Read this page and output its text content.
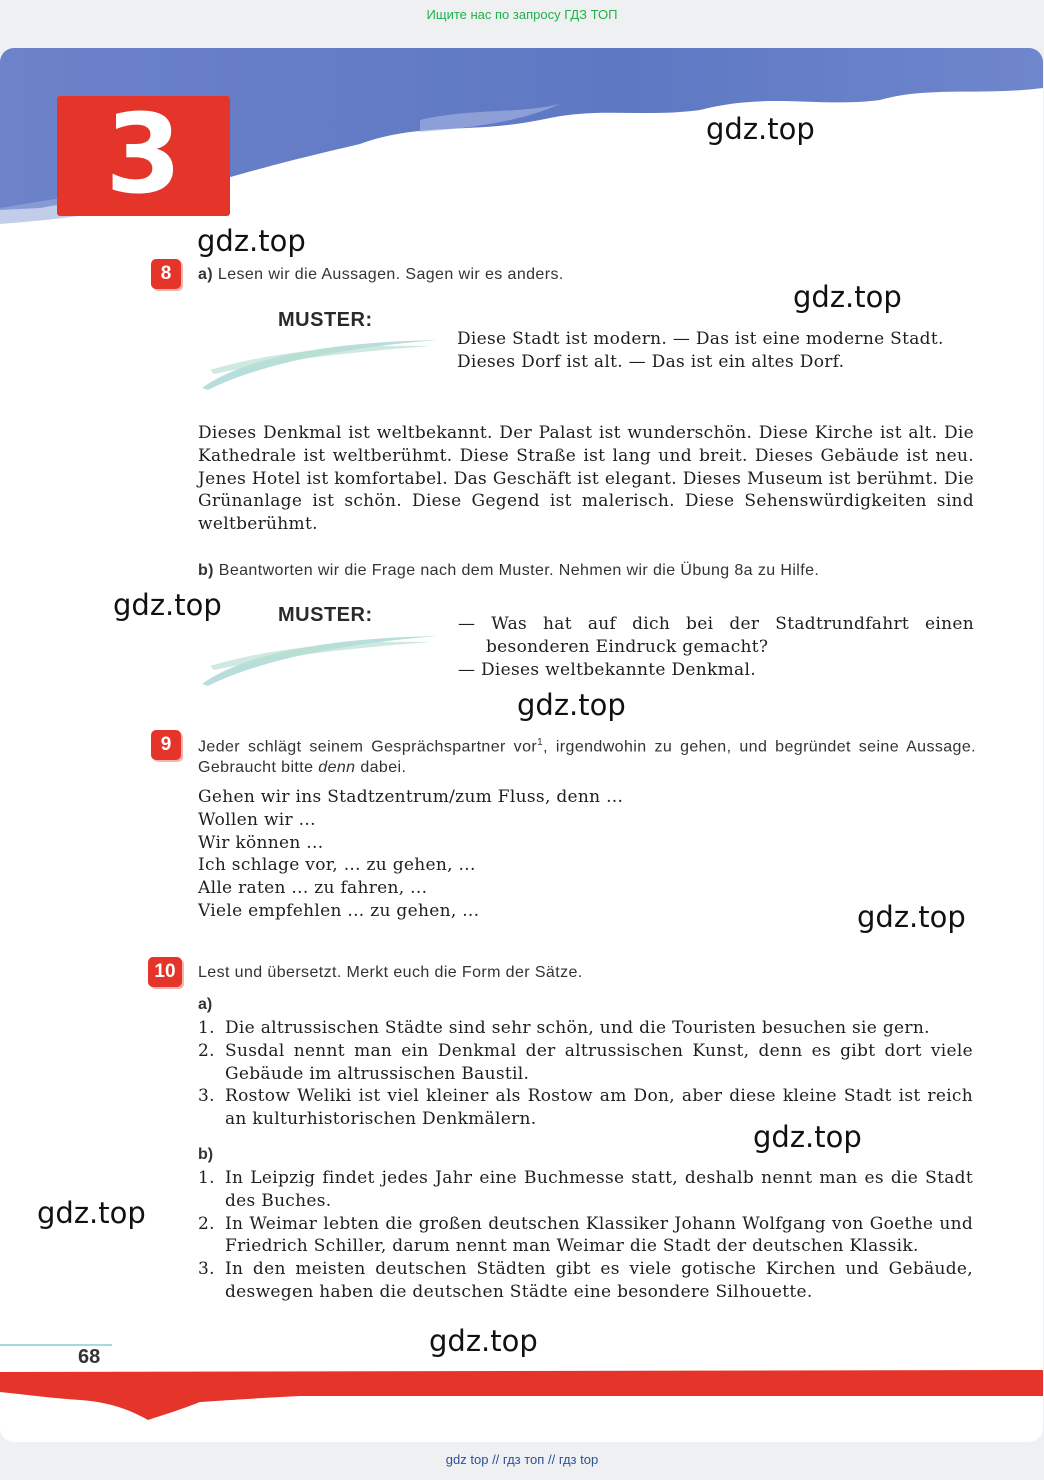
Ищите нас по запросу ГДЗ ТОП
3	gdz.top
gdz.top
gdz.top
gdz.top
gdz.top
gdz.top
gdz.top
gdz.top
gdz.top
8	a) Lesen wir die Aussagen. Sagen wir es anders.
MUSTER:
Diese Stadt ist modern. — Das ist eine moderne Stadt.
Dieses Dorf ist alt. — Das ist ein altes Dorf.
Dieses Denkmal ist weltbekannt. Der Palast ist wunderschön. Diese Kirche ist alt. Die Kathedrale ist weltberühmt. Diese Straße ist lang und breit. Dieses Gebäude ist neu. Jenes Hotel ist komfortabel. Das Geschäft ist elegant. Dieses Museum ist berühmt. Die Grünanlage ist schön. Diese Gegend ist malerisch. Diese Sehenswürdigkeiten sind weltberühmt.
b) Beantworten wir die Frage nach dem Muster. Nehmen wir die Übung 8a zu Hilfe.
MUSTER:	— Was hat auf dich bei der Stadtrundfahrt einen besonderen Eindruck gemacht?
— Dieses weltbekannte Denkmal.
9	Jeder schlägt seinem Gesprächspartner vor$^1$, irgendwohin zu gehen, und begründet seine Aussage. Gebraucht bitte denn dabei.
Gehen wir ins Stadtzentrum/zum Fluss, denn ...
Wollen wir ...
Wir können ...
Ich schlage vor, ... zu gehen, ...
Alle raten ... zu fahren, ...
Viele empfehlen ... zu gehen, ...
10	Lest und übersetzt. Merkt euch die Form der Sätze.
a)
1. Die altrussischen Städte sind sehr schön, und die Touristen besuchen sie gern.
2. Susdal nennt man ein Denkmal der altrussischen Kunst, denn es gibt dort viele Gebäude im altrussischen Baustil.
3. Rostow Weliki ist viel kleiner als Rostow am Don, aber diese kleine Stadt ist reich an kulturhistorischen Denkmälern.
b)
1. In Leipzig findet jedes Jahr eine Buchmesse statt, deshalb nennt man es die Stadt des Buches.
2. In Weimar lebten die großen deutschen Klassiker Johann Wolfgang von Goethe und Friedrich Schiller, darum nennt man Weimar die Stadt der deutschen Klassik.
3. In den meisten deutschen Städten gibt es viele gotische Kirchen und Gebäude, deswegen haben die deutschen Städte eine besondere Silhouette.
68
gdz top // гдз топ // гдз top
